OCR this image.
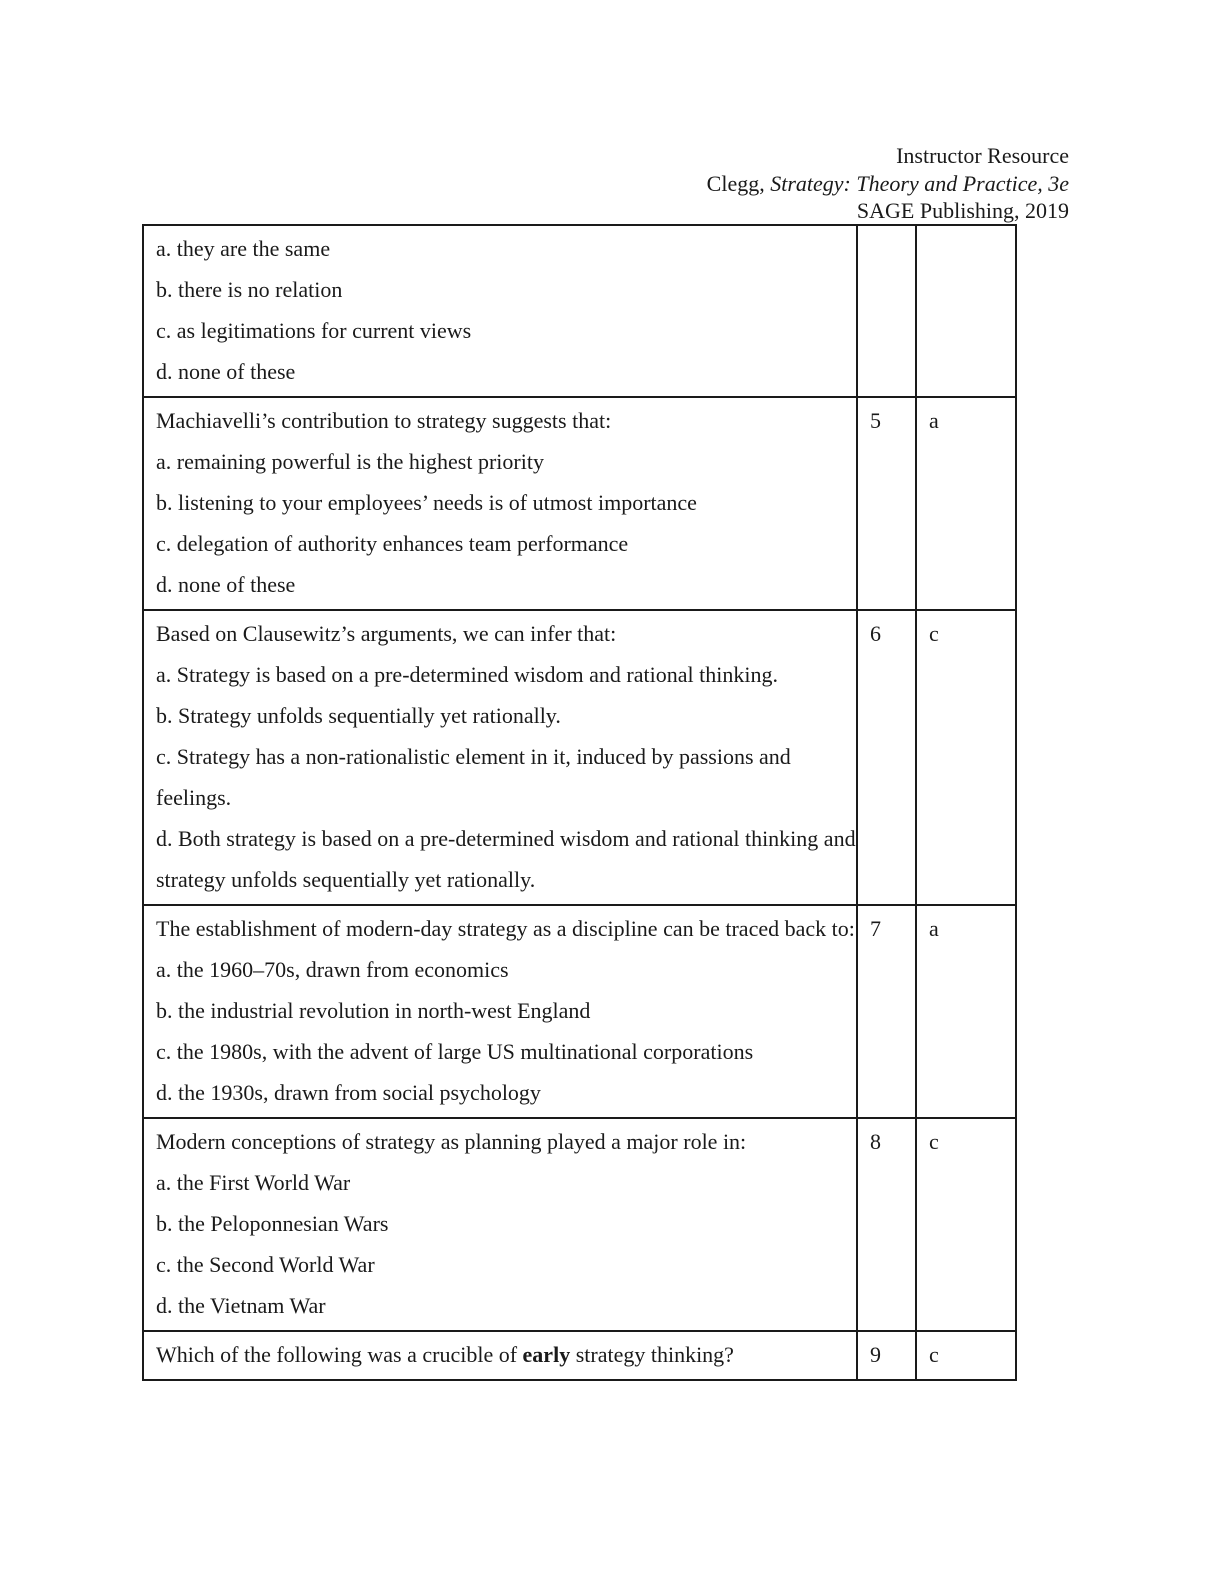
Instructor Resource
Clegg, Strategy: Theory and Practice, 3e
SAGE Publishing, 2019
a. they are the same
b. there is no relation
c. as legitimations for current views
d. none of these		

Machiavelli’s contribution to strategy suggests that:
a. remaining powerful is the highest priority
b. listening to your employees’ needs is of utmost importance
c. delegation of authority enhances team performance
d. none of these	5	a

Based on Clausewitz’s arguments, we can infer that:
a. Strategy is based on a pre-determined wisdom and rational thinking.
b. Strategy unfolds sequentially yet rationally.
c. Strategy has a non-rationalistic element in it, induced by passions and feelings.
d. Both strategy is based on a pre-determined wisdom and rational thinking and strategy unfolds sequentially yet rationally.	6	c

The establishment of modern-day strategy as a discipline can be traced back to:
a. the 1960–70s, drawn from economics
b. the industrial revolution in north-west England
c. the 1980s, with the advent of large US multinational corporations
d. the 1930s, drawn from social psychology	7	a

Modern conceptions of strategy as planning played a major role in:
a. the First World War
b. the Peloponnesian Wars
c. the Second World War
d. the Vietnam War	8	c

Which of the following was a crucible of early strategy thinking?	9	c
